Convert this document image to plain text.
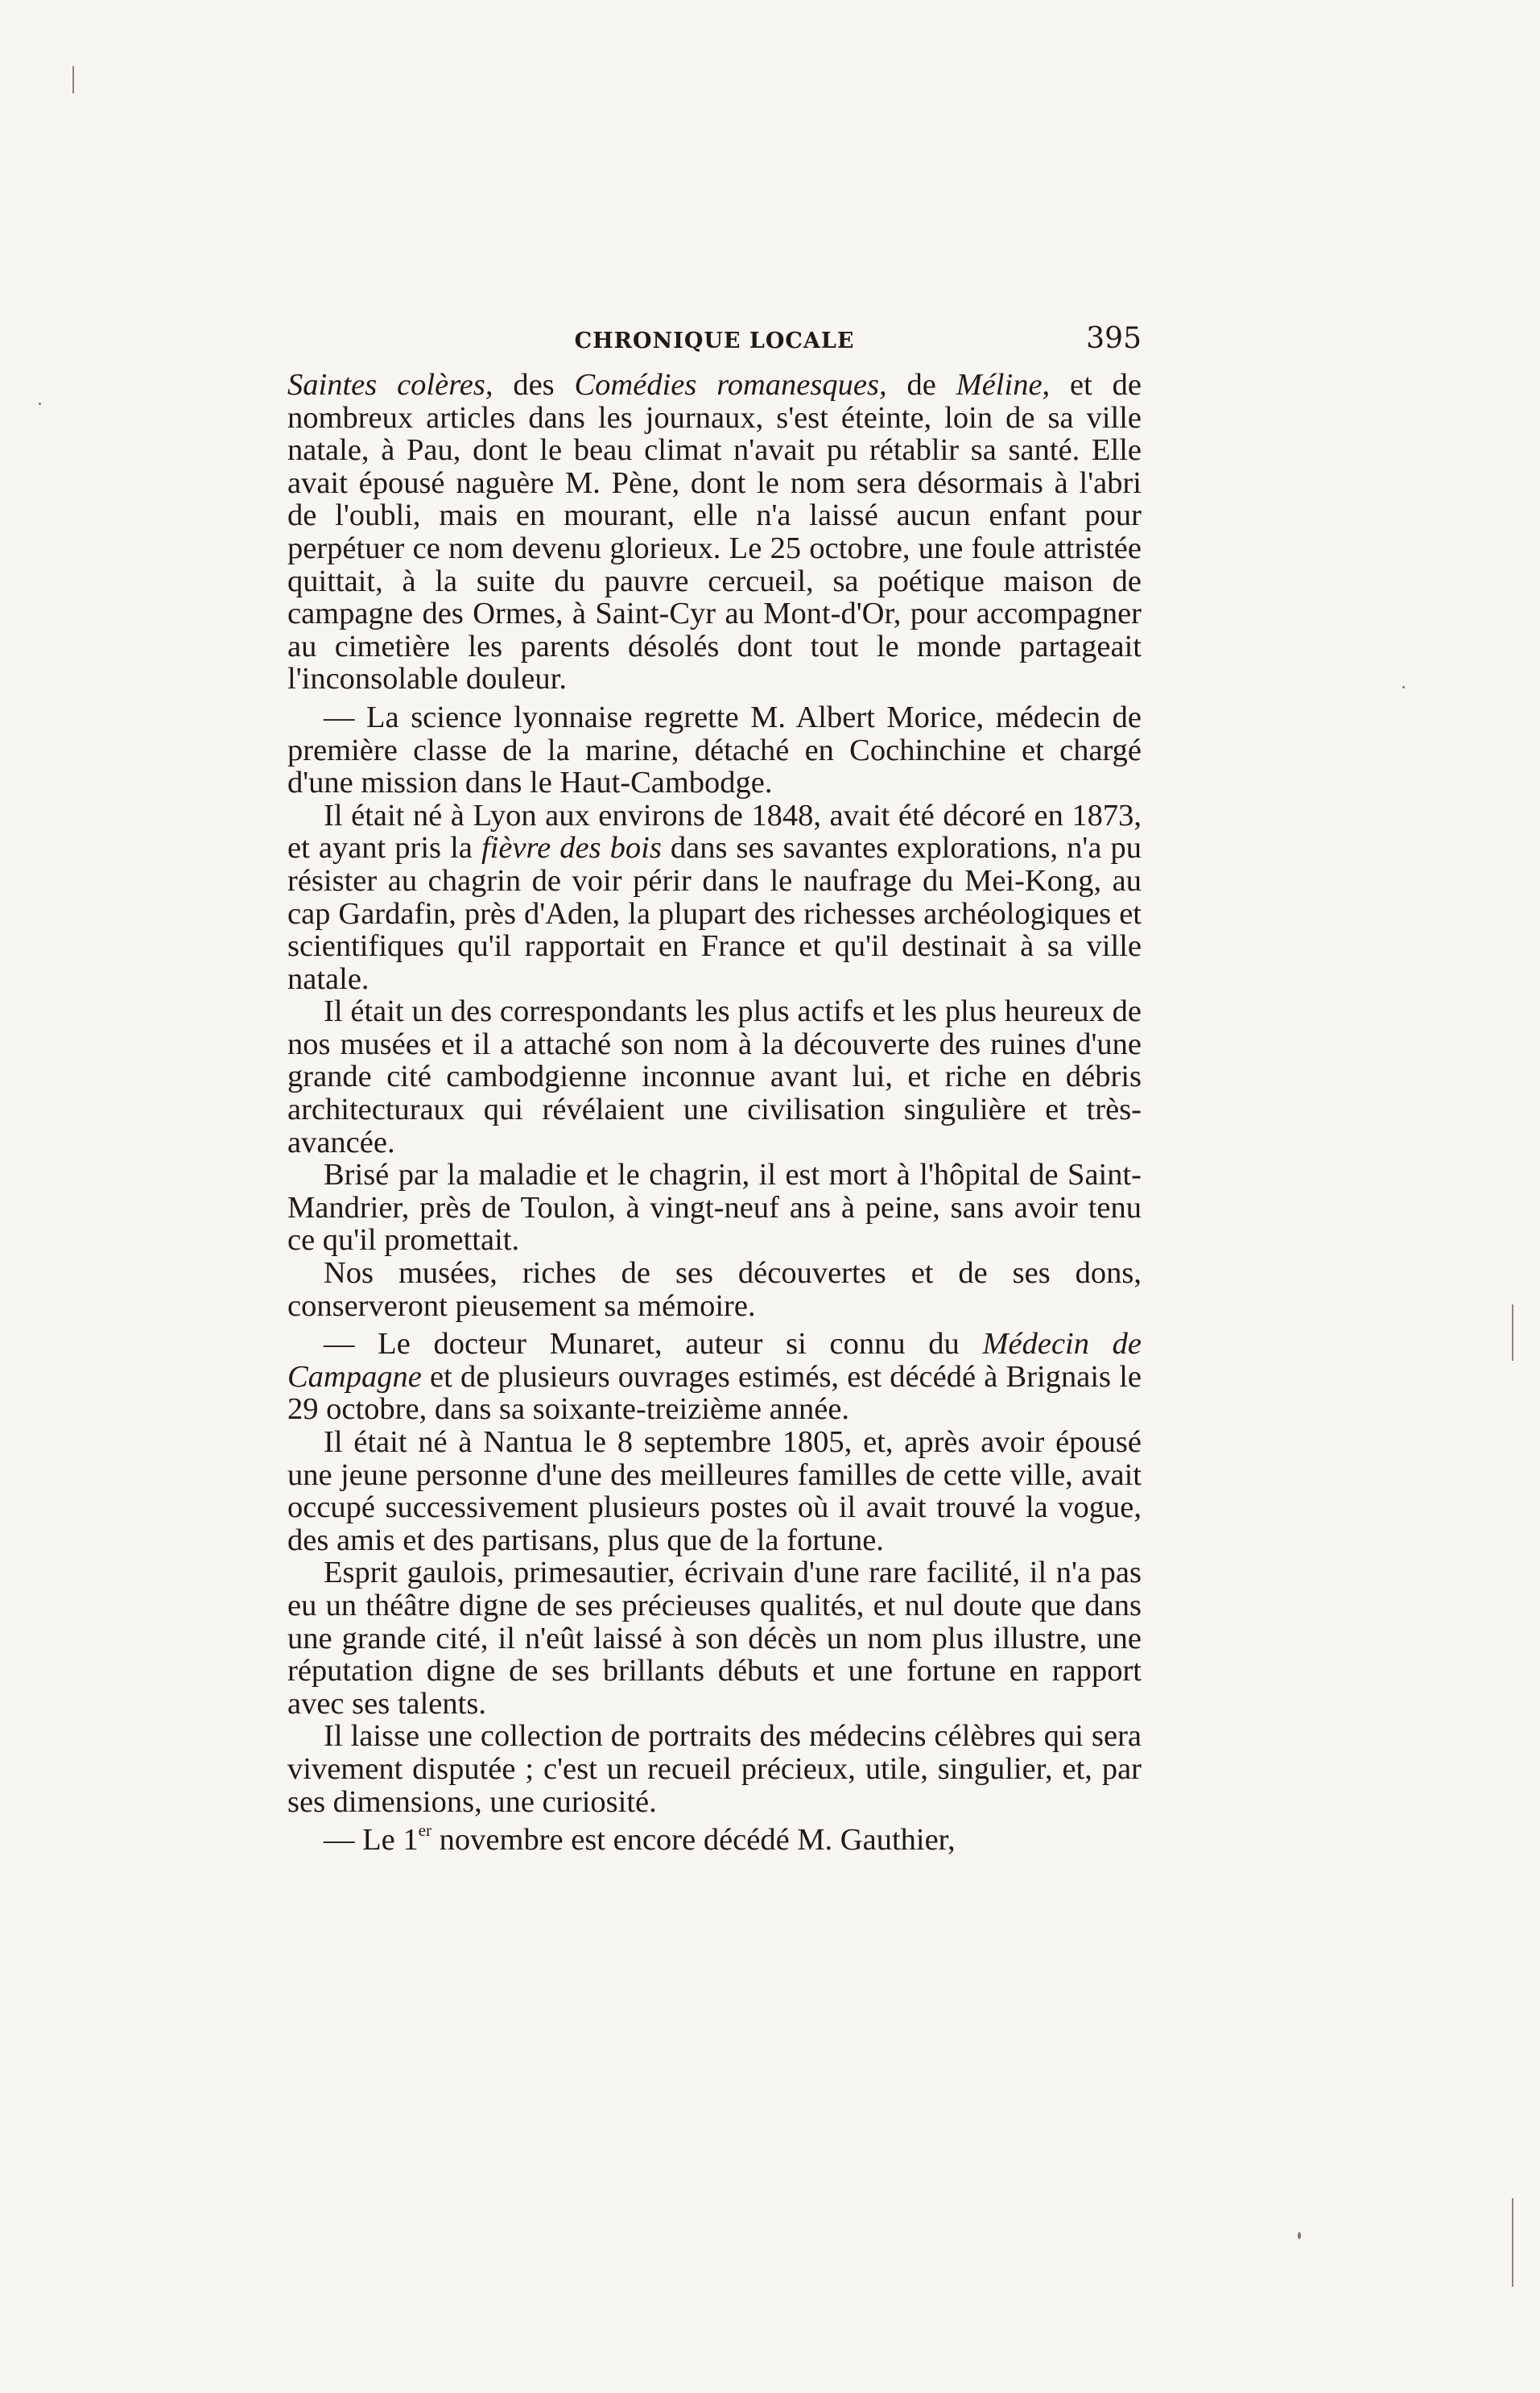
CHRONIQUE LOCALE	395

Saintes colères, des Comédies romanesques, de Méline, et de nombreux articles dans les journaux, s'est éteinte, loin de sa ville natale, à Pau, dont le beau climat n'avait pu rétablir sa santé. Elle avait épousé naguère M. Pène, dont le nom sera désormais à l'abri de l'oubli, mais en mourant, elle n'a laissé aucun enfant pour perpétuer ce nom devenu glorieux. Le 25 octobre, une foule attristée quittait, à la suite du pauvre cercueil, sa poétique maison de campagne des Ormes, à Saint-Cyr au Mont-d'Or, pour accompagner au cimetière les parents désolés dont tout le monde partageait l'inconsolable douleur.

— La science lyonnaise regrette M. Albert Morice, médecin de première classe de la marine, détaché en Cochinchine et chargé d'une mission dans le Haut-Cambodge.

Il était né à Lyon aux environs de 1848, avait été décoré en 1873, et ayant pris la fièvre des bois dans ses savantes explorations, n'a pu résister au chagrin de voir périr dans le naufrage du Mei-Kong, au cap Gardafin, près d'Aden, la plupart des richesses archéologiques et scientifiques qu'il rapportait en France et qu'il destinait à sa ville natale.

Il était un des correspondants les plus actifs et les plus heureux de nos musées et il a attaché son nom à la découverte des ruines d'une grande cité cambodgienne inconnue avant lui, et riche en débris architecturaux qui révélaient une civilisation singulière et très-avancée.

Brisé par la maladie et le chagrin, il est mort à l'hôpital de Saint-Mandrier, près de Toulon, à vingt-neuf ans à peine, sans avoir tenu ce qu'il promettait.

Nos musées, riches de ses découvertes et de ses dons, conserveront pieusement sa mémoire.

— Le docteur Munaret, auteur si connu du Médecin de Campagne et de plusieurs ouvrages estimés, est décédé à Brignais le 29 octobre, dans sa soixante-treizième année.

Il était né à Nantua le 8 septembre 1805, et, après avoir épousé une jeune personne d'une des meilleures familles de cette ville, avait occupé successivement plusieurs postes où il avait trouvé la vogue, des amis et des partisans, plus que de la fortune.

Esprit gaulois, primesautier, écrivain d'une rare facilité, il n'a pas eu un théâtre digne de ses précieuses qualités, et nul doute que dans une grande cité, il n'eût laissé à son décès un nom plus illustre, une réputation digne de ses brillants débuts et une fortune en rapport avec ses talents.

Il laisse une collection de portraits des médecins célèbres qui sera vivement disputée ; c'est un recueil précieux, utile, singulier, et, par ses dimensions, une curiosité.

— Le 1er novembre est encore décédé M. Gauthier,
